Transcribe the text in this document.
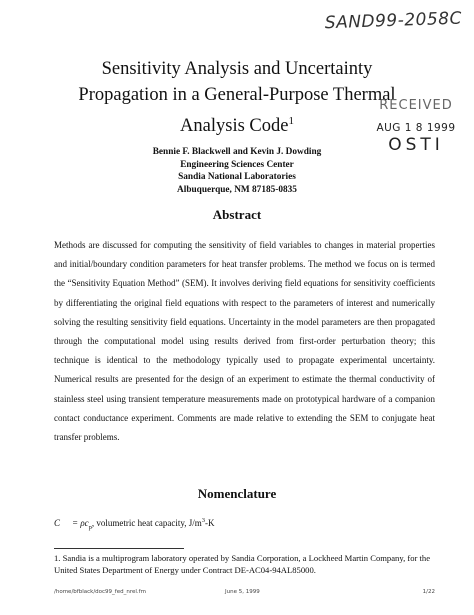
SAND99-2058C
Sensitivity Analysis and Uncertainty
Propagation in a General-Purpose Thermal
Analysis Code$^1$
RECEIVED
AUG 1 8 1999
OSTI
Bennie F. Blackwell and Kevin J. Dowding
Engineering Sciences Center
Sandia National Laboratories
Albuquerque, NM 87185-0835
Abstract

Methods are discussed for computing the sensitivity of field variables to changes in material properties and initial/boundary condition parameters for heat transfer problems. The method we focus on is termed the “Sensitivity Equation Method” (SEM). It involves deriving field equations for sensitivity coefficients by differentiating the original field equations with respect to the parameters of interest and numerically solving the resulting sensitivity field equations. Uncertainty in the model parameters are then propagated through the computational model using results derived from first-order perturbation theory; this technique is identical to the methodology typically used to propagate experimental uncertainty. Numerical results are presented for the design of an experiment to estimate the thermal conductivity of stainless steel using transient temperature measurements made on prototypical hardware of a companion contact conductance experiment. Comments are made relative to extending the SEM to conjugate heat transfer problems.

Nomenclature
$C = \rho c_p$, volumetric heat capacity, $J/m^3-K$
1. Sandia is a multiprogram laboratory operated by Sandia Corporation, a Lockheed Martin Company, for the United States Department of Energy under Contract DE-AC04-94AL85000.
/home/bfblack/doc99_fed_nrel.fm	June 5, 1999	1/22
